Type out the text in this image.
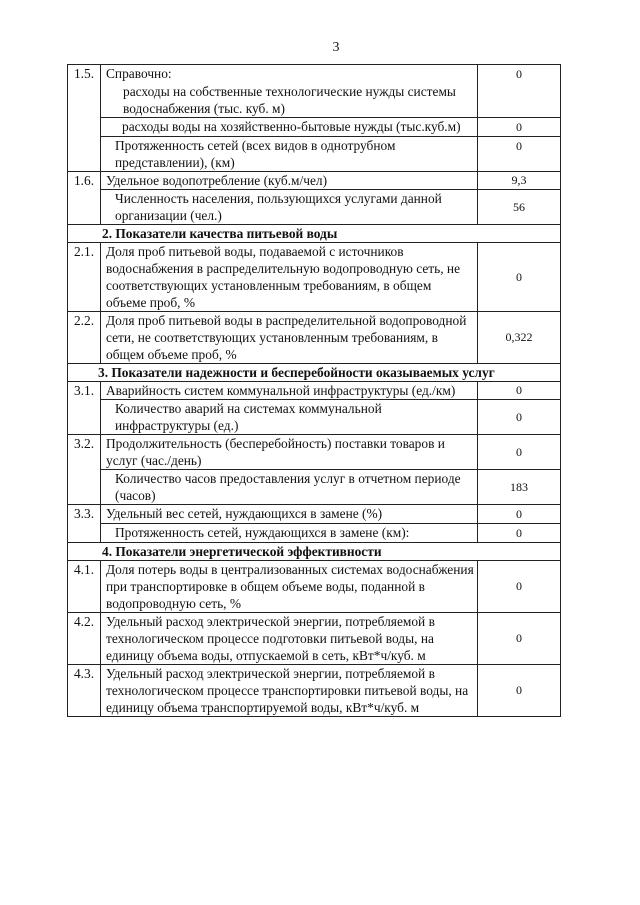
3
1.5.	Справочно:	0
	расходы на собственные технологические нужды системы водоснабжения (тыс. куб. м)	
	расходы воды на хозяйственно-бытовые нужды (тыс.куб.м)	0
	Протяженность сетей (всех видов в однотрубном представлении), (км)	0
1.6.	Удельное водопотребление (куб.м/чел)	9,3
	Численность населения, пользующихся услугами данной организации (чел.)	56
2. Показатели качества питьевой воды		
2.1.	Доля проб питьевой воды, подаваемой с источников водоснабжения в распределительную водопроводную сеть, не соответствующих установленным требованиям, в общем объеме проб, %	0
2.2.	Доля проб питьевой воды в распределительной водопроводной сети, не соответствующих установленным требованиям, в общем объеме проб, %	0,322
3. Показатели надежности и бесперебойности оказываемых услуг		
3.1.	Аварийность систем коммунальной инфраструктуры (ед./км)	0
	Количество аварий на системах коммунальной инфраструктуры (ед.)	0
3.2.	Продолжительность (бесперебойность) поставки товаров и услуг (час./день)	0
	Количество часов предоставления услуг в отчетном периоде (часов)	183
3.3.	Удельный вес сетей, нуждающихся в замене (%)	0
	Протяженность сетей, нуждающихся в замене (км):	0
4. Показатели энергетической эффективности		
4.1.	Доля потерь воды в централизованных системах водоснабжения при транспортировке в общем объеме воды, поданной в водопроводную сеть, %	0
4.2.	Удельный расход электрической энергии, потребляемой в технологическом процессе подготовки питьевой воды, на единицу объема воды, отпускаемой в сеть, кВт*ч/куб. м	0
4.3.	Удельный расход электрической энергии, потребляемой в технологическом процессе транспортировки питьевой воды, на единицу объема транспортируемой воды, кВт*ч/куб. м	0
